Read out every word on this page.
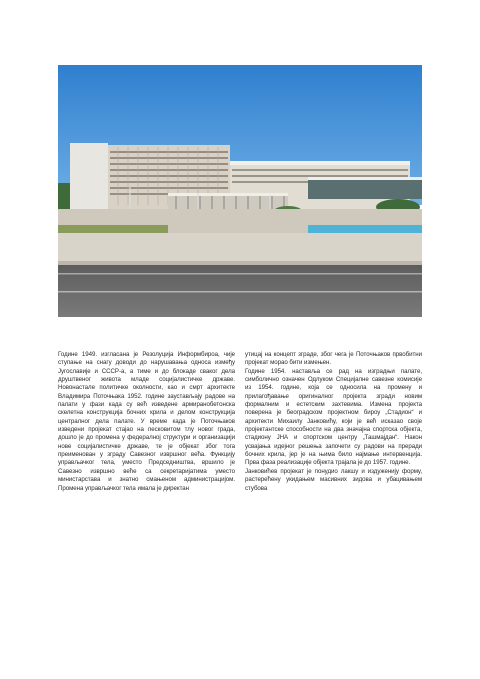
Године 1949. изгласана је Резолуција Информбироа, чије ступање на снагу доводи до нарушавања односа између Југославије и СССР-а, а тиме и до блокаде сваког дела друштвеног живота младе социјалистичке државе. Новонастале политичке околности, као и смрт архитекте Владимира Поточњака 1952. године заустављају радове на палати у фази када су већ изведене армиранобетонска скелетна конструкција бочних крила и делом конструкција централног дела палате. У време када је Поточњаков изведени пројекат стајао на песковитом тлу новог града, дошло је до промена у федералној структури и организацији нове социјалистичке државе, те је објекат због тога преименован у зграду Савезног извршног већа. Функцију управљачког тела, уместо Председништва, вршило је Савезно извршно веће са секретаријатима уместо министарстава и знатно смањеном администрацијом. Промена управљачког тела имала је директан

утицај на концепт зграде, због чега је Поточњаков првобитни пројекат морао бити измењен.

Године 1954. наставља се рад на изградњи палате, симболично означен Одлуком Специјалне савезне комисије из 1954. године, која се односила на промену и прилагођавање оригиналног пројекта згради новим формалним и естетским захтевима. Измена пројекта поверена је београдском пројектном бироу „Стадион“ и архитекти Михаилу Јанковићу, који је већ исказао своје пројектантске способности на два значајна спортска објекта, стадиону ЈНА и спортском центру „Ташмајдан“. Након усвајања идејног решења започети су радови на преради бочних крила, јер је на њима било најмање интервенција. Прва фаза реализације објекта трајала је до 1957. године.

Јанковићев пројекат је понудио лакшу и издужениjу форму, растерећену укидањем масивних зидова и убацивањем стубова
